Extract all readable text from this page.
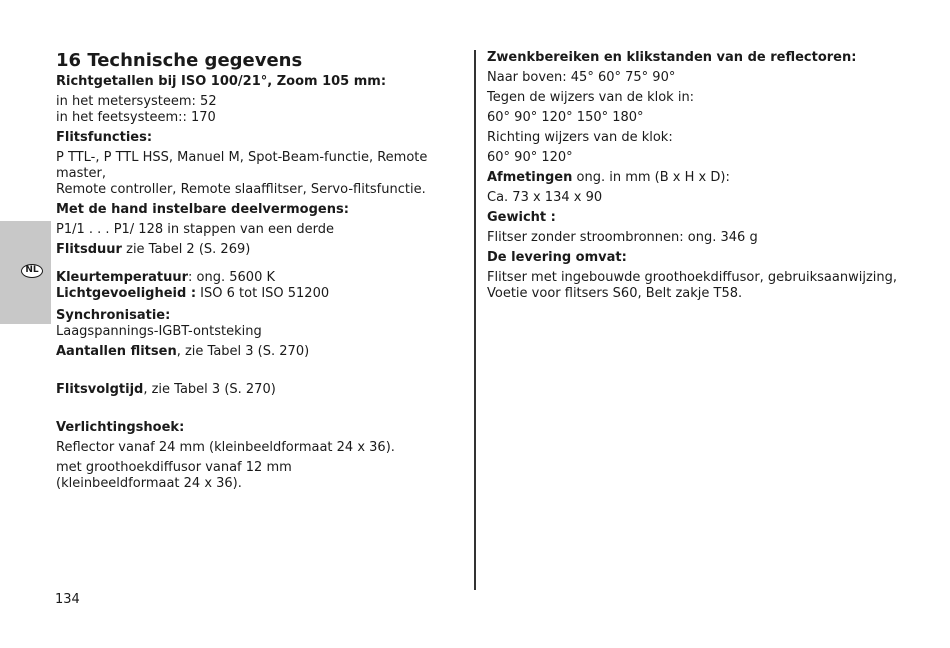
NL
16 Technische gegevens
Richtgetallen bij ISO 100/21°, Zoom 105 mm:
in het metersysteem: 52
in het feetsysteem:: 170
Flitsfuncties:
P TTL-, P TTL HSS, Manuel M, Spot-Beam-functie, Remote master,
Remote controller, Remote slaafflitser, Servo-flitsfunctie.
Met de hand instelbare deelvermogens:
P1/1 . . . P1/ 128 in stappen van een derde
Flitsduur zie Tabel 2 (S. 269)
Kleurtemperatuur: ong. 5600 K
Lichtgevoeligheid : ISO 6 tot ISO 51200
Synchronisatie:
Laagspannings-IGBT-ontsteking
Aantallen flitsen, zie Tabel 3 (S. 270)
Flitsvolgtijd, zie Tabel 3 (S. 270)
Verlichtingshoek:
Reflector vanaf 24 mm (kleinbeeldformaat 24 x 36).
met groothoekdiffusor vanaf 12 mm
(kleinbeeldformaat 24 x 36).
Zwenkbereiken en klikstanden van de reflectoren:
Naar boven: 45° 60° 75° 90°
Tegen de wijzers van de klok in:
60° 90° 120° 150° 180°
Richting wijzers van de klok:
60° 90° 120°
Afmetingen ong. in mm (B x H x D):
Ca. 73 x 134 x 90
Gewicht :
Flitser zonder stroombronnen: ong. 346 g
De levering omvat:
Flitser met ingebouwde groothoekdiffusor, gebruiksaanwijzing,
Voetie voor flitsers S60, Belt zakje T58.
134
